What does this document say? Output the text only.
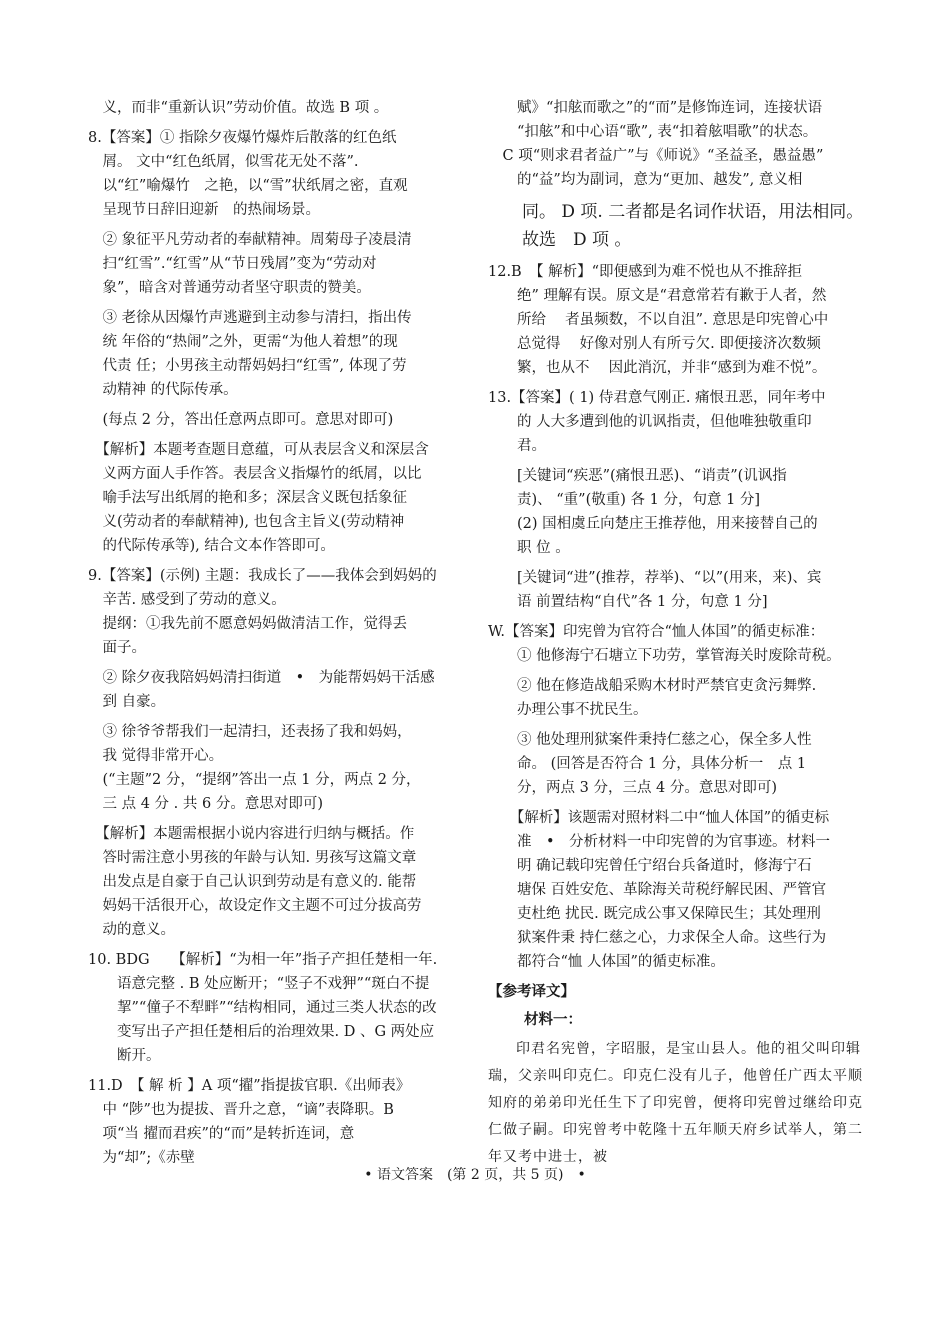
　义，而非“重新认识”劳动价值。故选 B 项 。
8.【答案】① 指除夕夜爆竹爆炸后散落的红色纸
　屑。 文中“红色纸屑，似雪花无处不落”.
　以“红”喻爆竹　之艳，以“雪”状纸屑之密，直观
　呈现节日辞旧迎新　的热闹场景。
　② 象征平凡劳动者的奉献精神。周菊母子凌晨清
　扫“红雪”.“红雪”从“节日残屑”变为“劳动对
　象”，暗含对普通劳动者坚守职责的赞美。
　③ 老徐从因爆竹声逃避到主动参与清扫，指出传
　统 年俗的“热闹”之外，更需“为他人着想”的现
　代责 任；小男孩主动帮妈妈扫“红雪”, 体现了劳
　动精神 的代际传承。
　(每点 2 分，答出任意两点即可。意思对即可)
　【解析】本题考查题目意蕴，可从表层含义和深层含
　义两方面人手作答。表层含义指爆竹的纸屑，以比
　喻手法写出纸屑的艳和多；深层含义既包括象征
　义(劳动者的奉献精神), 也包含主旨义(劳动精神
　的代际传承等), 结合文本作答即可。
9.【答案】(示例) 主题：我成长了——我体会到妈妈的
　辛苦. 感受到了劳动的意义。
　提纲：①我先前不愿意妈妈做清洁工作，觉得丢
　面子。
　② 除夕夜我陪妈妈清扫街道　•　为能帮妈妈干活感
　到 自豪。
　③ 徐爷爷帮我们一起清扫，还表扬了我和妈妈，
　我 觉得非常开心。
　(“主题”2 分，“提纲”答出一点 1 分，两点 2 分，
　三 点 4 分 . 共 6 分。意思对即可)
　【解析】本题需根据小说内容进行归纳与概括。作
　答时需注意小男孩的年龄与认知. 男孩写这篇文章
　出发点是自豪于自己认识到劳动是有意义的. 能帮
　妈妈干活很开心，故设定作文主题不可过分拔高劳
　动的意义。
10. BDG　　【解析】“为相一年”指子产担任楚相一年.
　　语意完整 . B 处应断开；“竖子不戏狎”“斑白不提
　　挈”“僮子不犁畔”“结构相同，通过三类人状态的改
　　变写出子产担任楚相后的治理效果. D 、G 两处应
　　断开。
11.D　【 解 析 】A 项“擢”指提拔官职.《出师表》
　中 “陟”也为提拔、晋升之意，“谪”表降职。B
　项“当 擢而君疾”的“而”是转折连词，意
　为“却”;《赤壁
　　赋》“扣舷而歌之”的“而”是修饰连词，连接状语
　　“扣舷”和中心语“歌”, 表“扣着舷唱歌”的状态。
　C 项“则求君者益广”与《师说》“圣益圣，愚益愚”
　　的“益”均为副词，意为“更加、越发”, 意义相
　　同。 D 项. 二者都是名词作状语，用法相同。
　　故选　D 项 。
12.B　【 解析】“即便感到为难不悦也从不推辞拒
　　绝” 理解有误。原文是“君意常若有歉于人者，然
　　所给　 者虽频数，不以自沮”. 意思是印宪曾心中
　　总觉得　 好像对别人有所亏欠. 即便接济次数频
　　繁，也从不　 因此消沉，并非“感到为难不悦”。
13.【答案】( 1) 侍君意气刚正. 痛恨丑恶，同年考中
　　的 人大多遭到他的讥讽指责，但他唯独敬重印
　　君。
　　[关键词“疾恶”(痛恨丑恶)、“诮责”(讥讽指
　　责)、 “重”(敬重) 各 1 分，句意 1 分]
　　(2) 国相虞丘向楚庄王推荐他，用来接替自己的
　　职 位 。
　　[关键词“进”(推荐，荐举)、“以”(用来，来)、宾
　　语 前置结构“自代”各 1 分，句意 1 分]
W.【答案】印宪曾为官符合“恤人体国”的循吏标准：
　　① 他修海宁石塘立下功劳，掌管海关时废除苛税。
　　② 他在修造战船采购木材时严禁官吏贪污舞弊.
　　办理公事不扰民生。
　　③ 他处理刑狱案件秉持仁慈之心，保全多人性
　　命。 (回答是否符合 1 分，具体分析一　点 1
　　分，两点 3 分，三点 4 分。意思对即可)
　　【解析】该题需对照材料二中“恤人体国”的循吏标
　　准　•　分析材料一中印宪曾的为官事迹。材料一
　　明 确记载印宪曾任宁绍台兵备道时，修海宁石
　　塘保 百姓安危、革除海关苛税纾解民困、严管官
　　吏杜绝 扰民. 既完成公事又保障民生；其处理刑
　　狱案件秉 持仁慈之心，力求保全人命。这些行为
　　都符合“恤 人体国”的循吏标准。
【参考译文】
材料一：

印君名宪曾，字昭服，是宝山县人。他的祖父叫印辑瑞，父亲叫印克仁。印克仁没有儿子，他曾任广西太平顺知府的弟弟印光任生下了印宪曾，便将印宪曾过继给印克仁做子嗣。印宪曾考中乾隆十五年顺天府乡试举人，第二年又考中进士，被

• 语文答案　(第 2 页，共 5 页)　•
